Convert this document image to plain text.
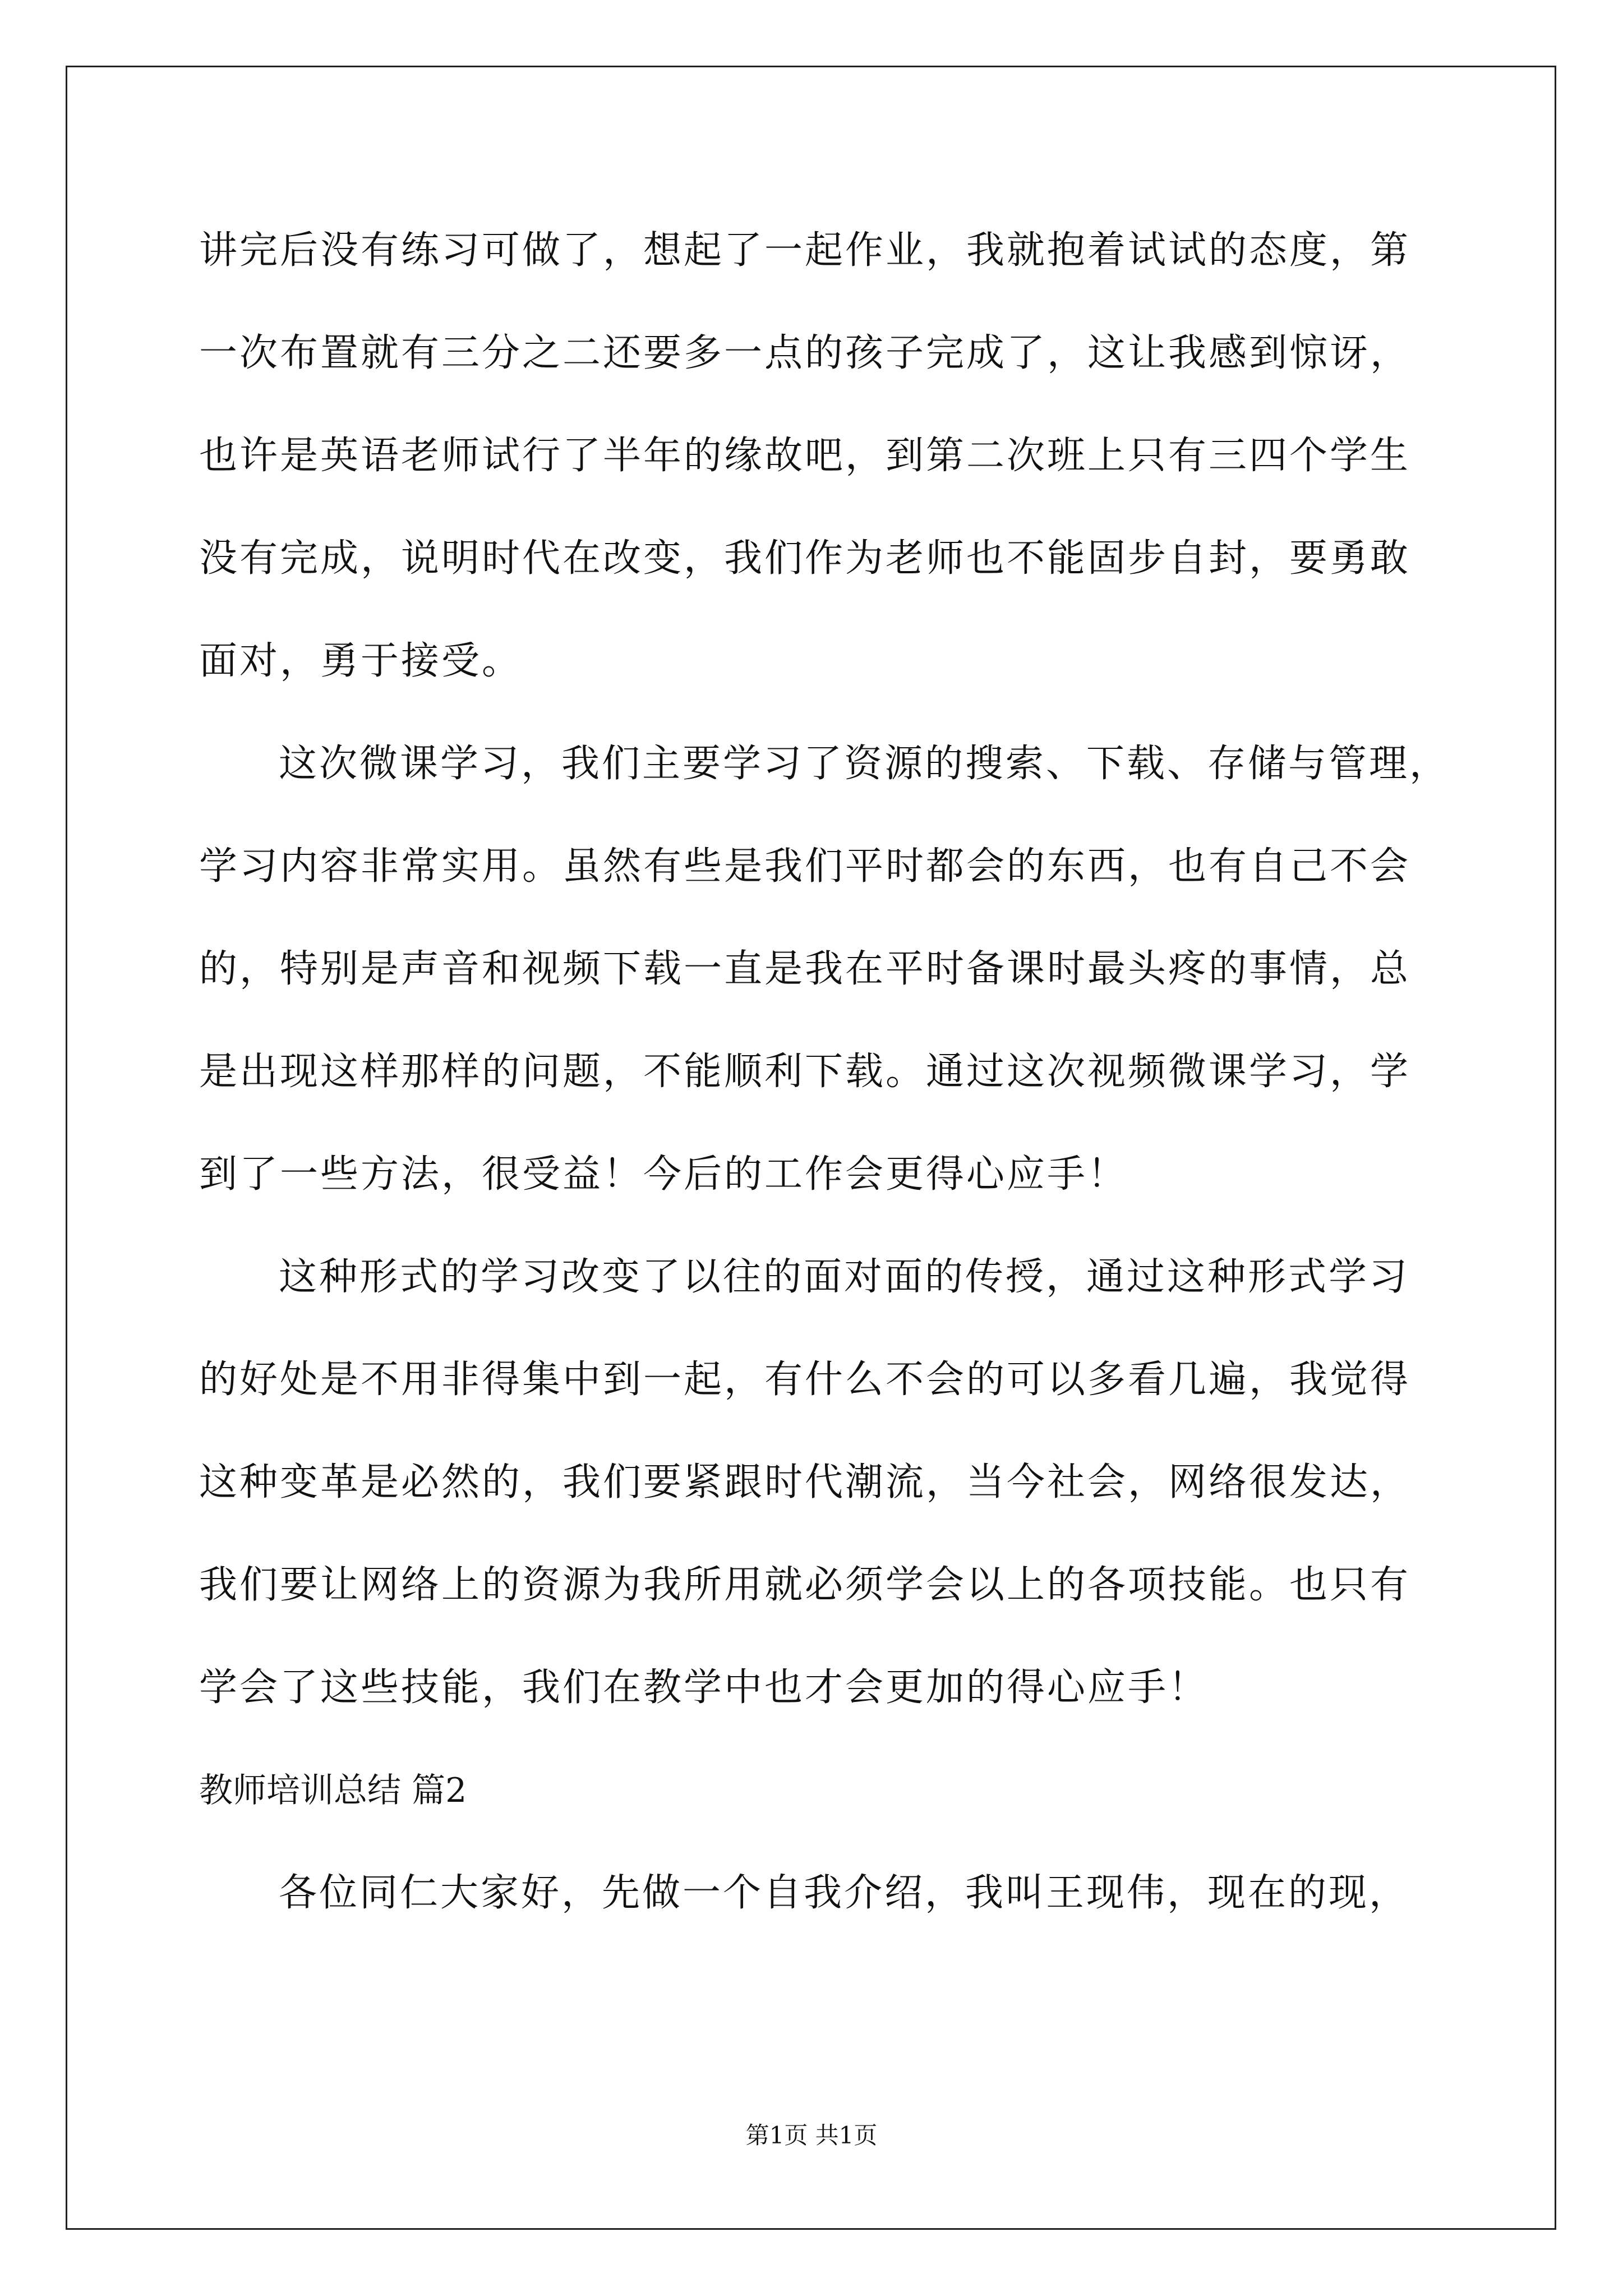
讲完后没有练习可做了，想起了一起作业，我就抱着试试的态度，第
一次布置就有三分之二还要多一点的孩子完成了，这让我感到惊讶，
也许是英语老师试行了半年的缘故吧，到第二次班上只有三四个学生
没有完成，说明时代在改变，我们作为老师也不能固步自封，要勇敢
面对，勇于接受。
这次微课学习，我们主要学习了资源的搜索、下载、存储与管理，
学习内容非常实用。虽然有些是我们平时都会的东西，也有自己不会
的，特别是声音和视频下载一直是我在平时备课时最头疼的事情，总
是出现这样那样的问题，不能顺利下载。通过这次视频微课学习，学
到了一些方法，很受益！今后的工作会更得心应手！
这种形式的学习改变了以往的面对面的传授，通过这种形式学习
的好处是不用非得集中到一起，有什么不会的可以多看几遍，我觉得
这种变革是必然的，我们要紧跟时代潮流，当今社会，网络很发达，
我们要让网络上的资源为我所用就必须学会以上的各项技能。也只有
学会了这些技能，我们在教学中也才会更加的得心应手！
教师培训总结 篇2
各位同仁大家好，先做一个自我介绍，我叫王现伟，现在的现，
第1页 共1页
